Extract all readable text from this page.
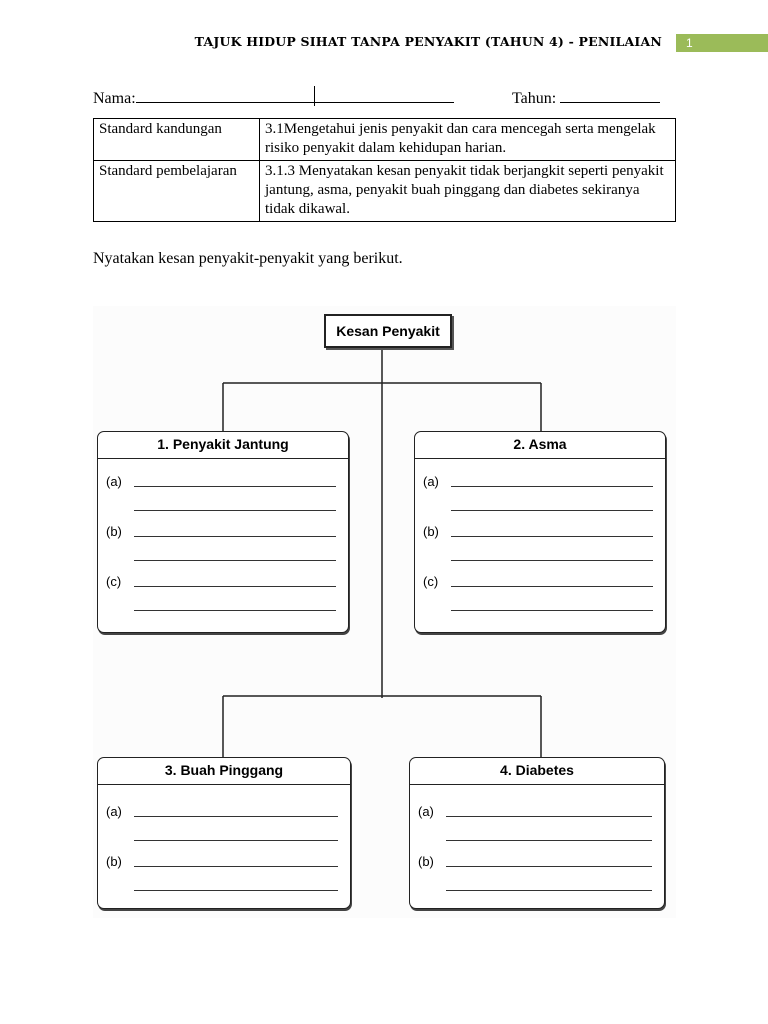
TAJUK HIDUP SIHAT TANPA PENYAKIT (TAHUN 4) - PENILAIAN	1
Nama:	Tahun:
Standard kandungan	3.1Mengetahui jenis penyakit dan cara mencegah serta mengelak risiko penyakit dalam kehidupan harian.
Standard pembelajaran	3.1.3 Menyatakan kesan penyakit tidak berjangkit seperti penyakit jantung, asma, penyakit buah pinggang dan diabetes sekiranya tidak dikawal.
Nyatakan kesan penyakit-penyakit yang berikut.
Kesan Penyakit
1. Penyakit Jantung
(a)
(b)
(c)
2. Asma
(a)
(b)
(c)
3. Buah Pinggang
(a)
(b)
4. Diabetes
(a)
(b)
